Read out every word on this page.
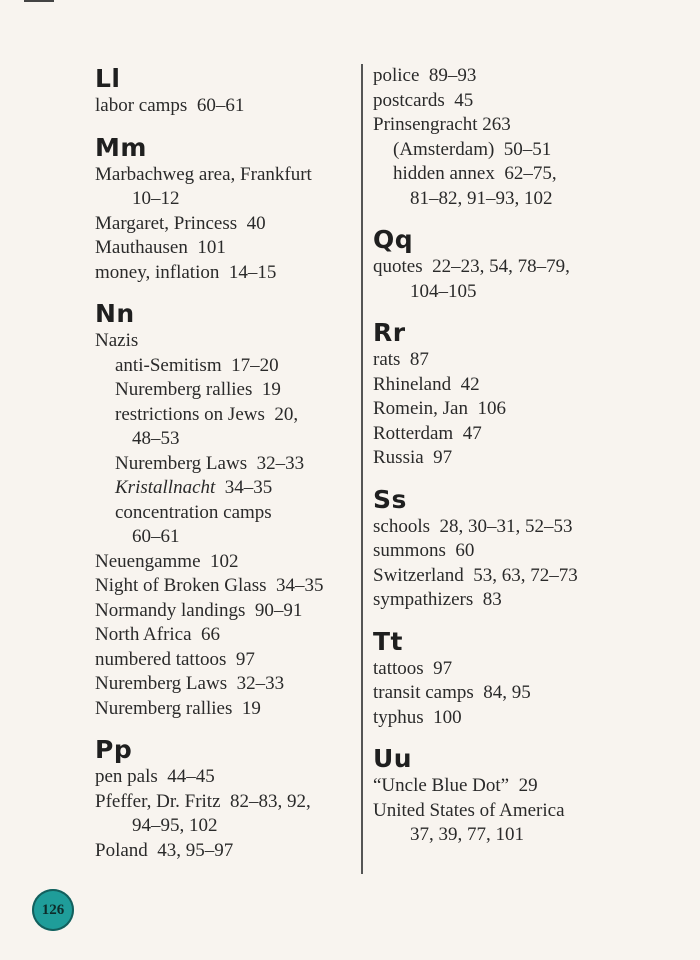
Ll
labor camps  60–61
Mm
Marbachweg area, Frankfurt
10–12
Margaret, Princess  40
Mauthausen  101
money, inflation  14–15
Nn
Nazis
anti-Semitism  17–20
Nuremberg rallies  19
restrictions on Jews  20,
48–53
Nuremberg Laws  32–33
Kristallnacht  34–35
concentration camps
60–61
Neuengamme  102
Night of Broken Glass  34–35
Normandy landings  90–91
North Africa  66
numbered tattoos  97
Nuremberg Laws  32–33
Nuremberg rallies  19
Pp
pen pals  44–45
Pfeffer, Dr. Fritz  82–83, 92,
94–95, 102
Poland  43, 95–97
police  89–93
postcards  45
Prinsengracht 263
(Amsterdam)  50–51
hidden annex  62–75,
81–82, 91–93, 102
Qq
quotes  22–23, 54, 78–79,
104–105
Rr
rats  87
Rhineland  42
Romein, Jan  106
Rotterdam  47
Russia  97
Ss
schools  28, 30–31, 52–53
summons  60
Switzerland  53, 63, 72–73
sympathizers  83
Tt
tattoos  97
transit camps  84, 95
typhus  100
Uu
“Uncle Blue Dot”  29
United States of America
37, 39, 77, 101
126
